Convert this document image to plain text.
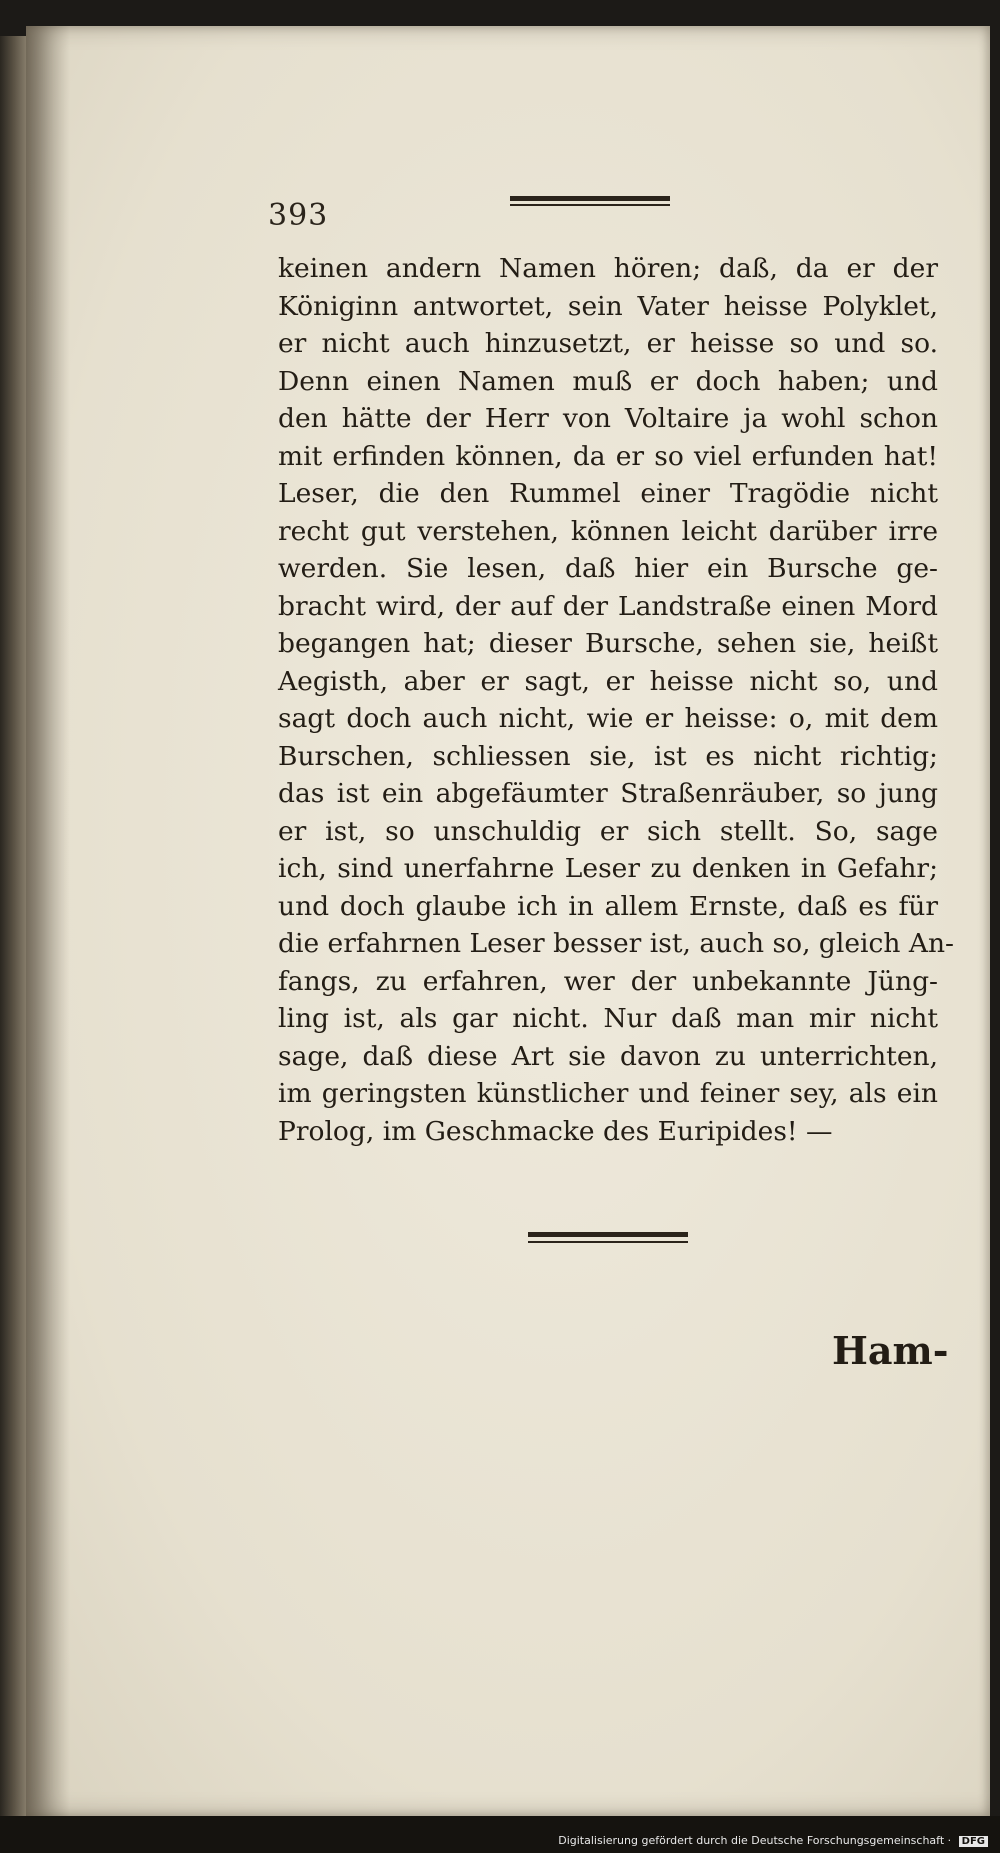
393
keinen andern Namen hören; daß, da er der
Königinn antwortet, sein Vater heisse Polyklet,
er nicht auch hinzusetzt, er heisse so und so.
Denn einen Namen muß er doch haben; und
den hätte der Herr von Voltaire ja wohl schon
mit erfinden können, da er so viel erfunden hat!
Leser, die den Rummel einer Tragödie nicht
recht gut verstehen, können leicht darüber irre
werden. Sie lesen, daß hier ein Bursche ge-
bracht wird, der auf der Landstraße einen Mord
begangen hat; dieser Bursche, sehen sie, heißt
Aegisth, aber er sagt, er heisse nicht so, und
sagt doch auch nicht, wie er heisse: o, mit dem
Burschen, schliessen sie, ist es nicht richtig;
das ist ein abgefäumter Straßenräuber, so jung
er ist, so unschuldig er sich stellt. So, sage
ich, sind unerfahrne Leser zu denken in Gefahr;
und doch glaube ich in allem Ernste, daß es für
die erfahrnen Leser besser ist, auch so, gleich An-
fangs, zu erfahren, wer der unbekannte Jüng-
ling ist, als gar nicht. Nur daß man mir nicht
sage, daß diese Art sie davon zu unterrichten,
im geringsten künstlicher und feiner sey, als ein
Prolog, im Geschmacke des Euripides! —
Ham-
Digitalisierung gefördert durch die Deutsche Forschungsgemeinschaft · DFG
